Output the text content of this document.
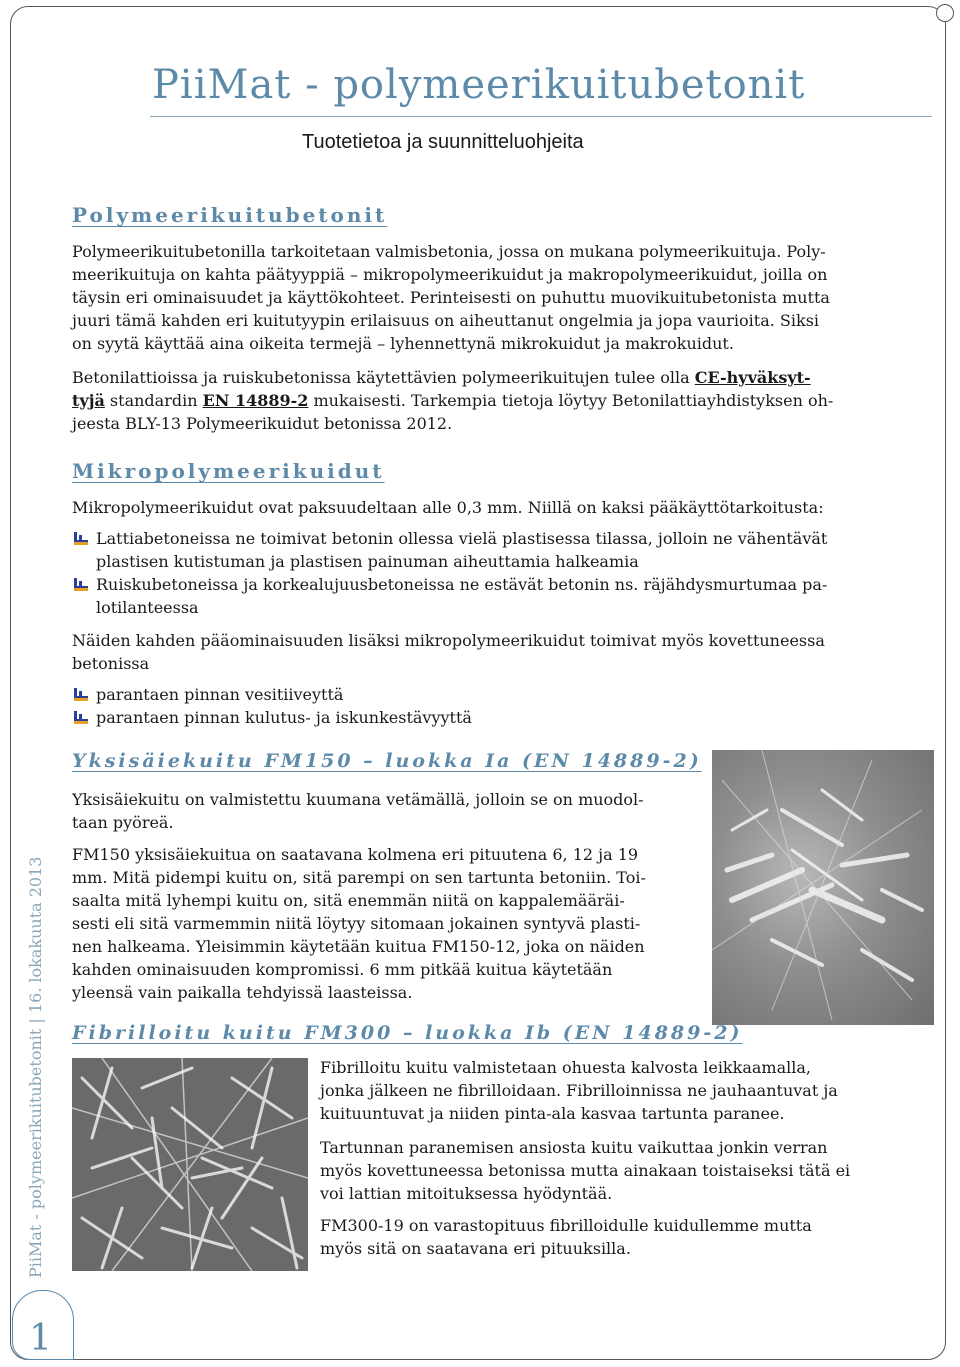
PiiMat - polymeerikuitubetonit
Tuotetietoa ja suunnitteluohjeita
Polymeerikuitubetonit
Polymeerikuitubetonilla tarkoitetaan valmisbetonia, jossa on mukana polymeerikuituja. Poly-
meerikuituja on kahta päätyyppiä – mikropolymeerikuidut ja makropolymeerikuidut, joilla on
täysin eri ominaisuudet ja käyttökohteet. Perinteisesti on puhuttu muovikuitubetonista mutta
juuri tämä kahden eri kuitutyypin erilaisuus on aiheuttanut ongelmia ja jopa vaurioita. Siksi
on syytä käyttää aina oikeita termejä – lyhennettynä mikrokuidut ja makrokuidut.
Betonilattioissa ja ruiskubetonissa käytettävien polymeerikuitujen tulee olla CE-hyväksyt-
tyjä standardin EN 14889-2 mukaisesti. Tarkempia tietoja löytyy Betonilattiayhdistyksen oh-
jeesta BLY-13 Polymeerikuidut betonissa 2012.
Mikropolymeerikuidut
Mikropolymeerikuidut ovat paksuudeltaan alle 0,3 mm. Niillä on kaksi pääkäyttötarkoitusta:
Lattiabetoneissa ne toimivat betonin ollessa vielä plastisessa tilassa, jolloin ne vähentävät
plastisen kutistuman ja plastisen painuman aiheuttamia halkeamia
Ruiskubetoneissa ja korkealujuusbetoneissa ne estävät betonin ns. räjähdysmurtumaa pa-
lotilanteessa
Näiden kahden pääominaisuuden lisäksi mikropolymeerikuidut toimivat myös kovettuneessa
betonissa
parantaen pinnan vesitiiveyttä
parantaen pinnan kulutus- ja iskunkestävyyttä
Yksisäiekuitu FM150 – luokka Ia (EN 14889-2)
Yksisäiekuitu on valmistettu kuumana vetämällä, jolloin se on muodol-
taan pyöreä.
FM150 yksisäiekuitua on saatavana kolmena eri pituutena 6, 12 ja 19
mm. Mitä pidempi kuitu on, sitä parempi on sen tartunta betoniin. Toi-
saalta mitä lyhempi kuitu on, sitä enemmän niitä on kappalemääräi-
sesti eli sitä varmemmin niitä löytyy sitomaan jokainen syntyvä plasti-
nen halkeama. Yleisimmin käytetään kuitua FM150-12, joka on näiden
kahden ominaisuuden kompromissi. 6 mm pitkää kuitua käytetään
yleensä vain paikalla tehdyissä laasteissa.
Fibrilloitu kuitu FM300 – luokka Ib (EN 14889-2)
Fibrilloitu kuitu valmistetaan ohuesta kalvosta leikkaamalla,
jonka jälkeen ne fibrilloidaan. Fibrilloinnissa ne jauhaantuvat ja
kuituuntuvat ja niiden pinta-ala kasvaa tartunta paranee.
Tartunnan paranemisen ansiosta kuitu vaikuttaa jonkin verran
myös kovettuneessa betonissa mutta ainakaan toistaiseksi tätä ei
voi lattian mitoituksessa hyödyntää.
FM300-19 on varastopituus fibrilloidulle kuidullemme mutta
myös sitä on saatavana eri pituuksilla.
PiiMat - polymeerikuitubetonit | 16. lokakuuta 2013
1
